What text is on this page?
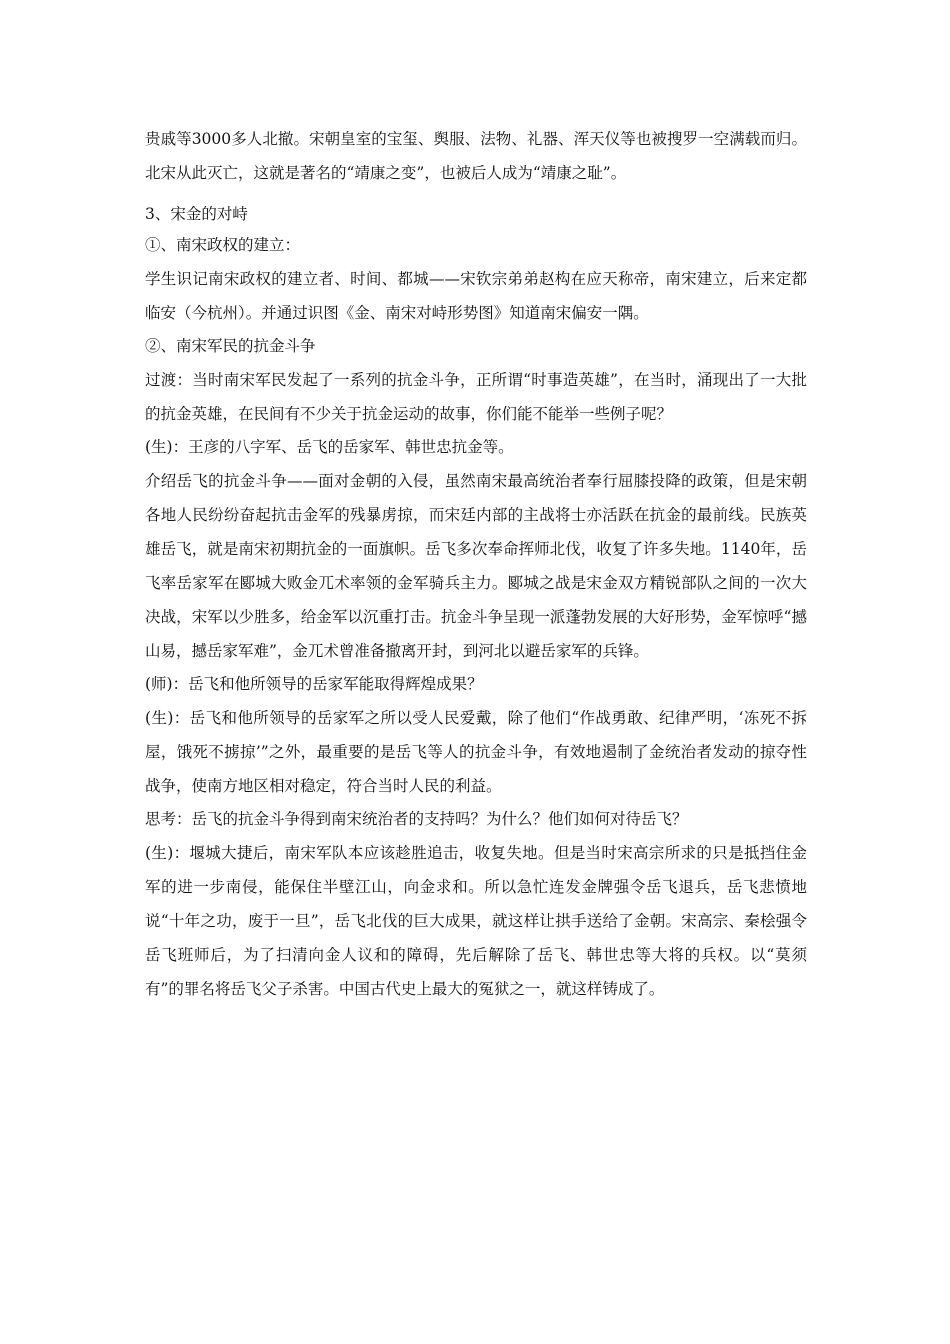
贵戚等3000多人北撤。宋朝皇室的宝玺、舆服、法物、礼器、浑天仪等也被搜罗一空满载而归。北宋从此灭亡，这就是著名的“靖康之变”，也被后人成为“靖康之耻”。

3、宋金的对峙

①、南宋政权的建立：

学生识记南宋政权的建立者、时间、都城——宋钦宗弟弟赵构在应天称帝，南宋建立，后来定都临安（今杭州）。并通过识图《金、南宋对峙形势图》知道南宋偏安一隅。

②、南宋军民的抗金斗争

过渡：当时南宋军民发起了一系列的抗金斗争，正所谓“时事造英雄”，在当时，涌现出了一大批的抗金英雄，在民间有不少关于抗金运动的故事，你们能不能举一些例子呢？

(生)：王彦的八字军、岳飞的岳家军、韩世忠抗金等。

介绍岳飞的抗金斗争——面对金朝的入侵，虽然南宋最高统治者奉行屈膝投降的政策，但是宋朝各地人民纷纷奋起抗击金军的残暴虏掠，而宋廷内部的主战将士亦活跃在抗金的最前线。民族英雄岳飞，就是南宋初期抗金的一面旗帜。岳飞多次奉命挥师北伐，收复了许多失地。1140年，岳飞率岳家军在郾城大败金兀术率领的金军骑兵主力。郾城之战是宋金双方精锐部队之间的一次大决战，宋军以少胜多，给金军以沉重打击。抗金斗争呈现一派蓬勃发展的大好形势，金军惊呼“撼山易，撼岳家军难”，金兀术曾准备撤离开封，到河北以避岳家军的兵锋。

(师)：岳飞和他所领导的岳家军能取得辉煌成果？

(生)：岳飞和他所领导的岳家军之所以受人民爱戴，除了他们“作战勇敢、纪律严明，‘冻死不拆屋，饿死不掳掠’”之外，最重要的是岳飞等人的抗金斗争，有效地遏制了金统治者发动的掠夺性战争，使南方地区相对稳定，符合当时人民的利益。

思考：岳飞的抗金斗争得到南宋统治者的支持吗？为什么？他们如何对待岳飞？

(生)：堰城大捷后，南宋军队本应该趁胜追击，收复失地。但是当时宋高宗所求的只是抵挡住金军的进一步南侵，能保住半壁江山，向金求和。所以急忙连发金牌强令岳飞退兵，岳飞悲愤地说“十年之功，废于一旦”，岳飞北伐的巨大成果，就这样让拱手送给了金朝。宋高宗、秦桧强令岳飞班师后，为了扫清向金人议和的障碍，先后解除了岳飞、韩世忠等大将的兵权。以“莫须有”的罪名将岳飞父子杀害。中国古代史上最大的冤狱之一，就这样铸成了。
